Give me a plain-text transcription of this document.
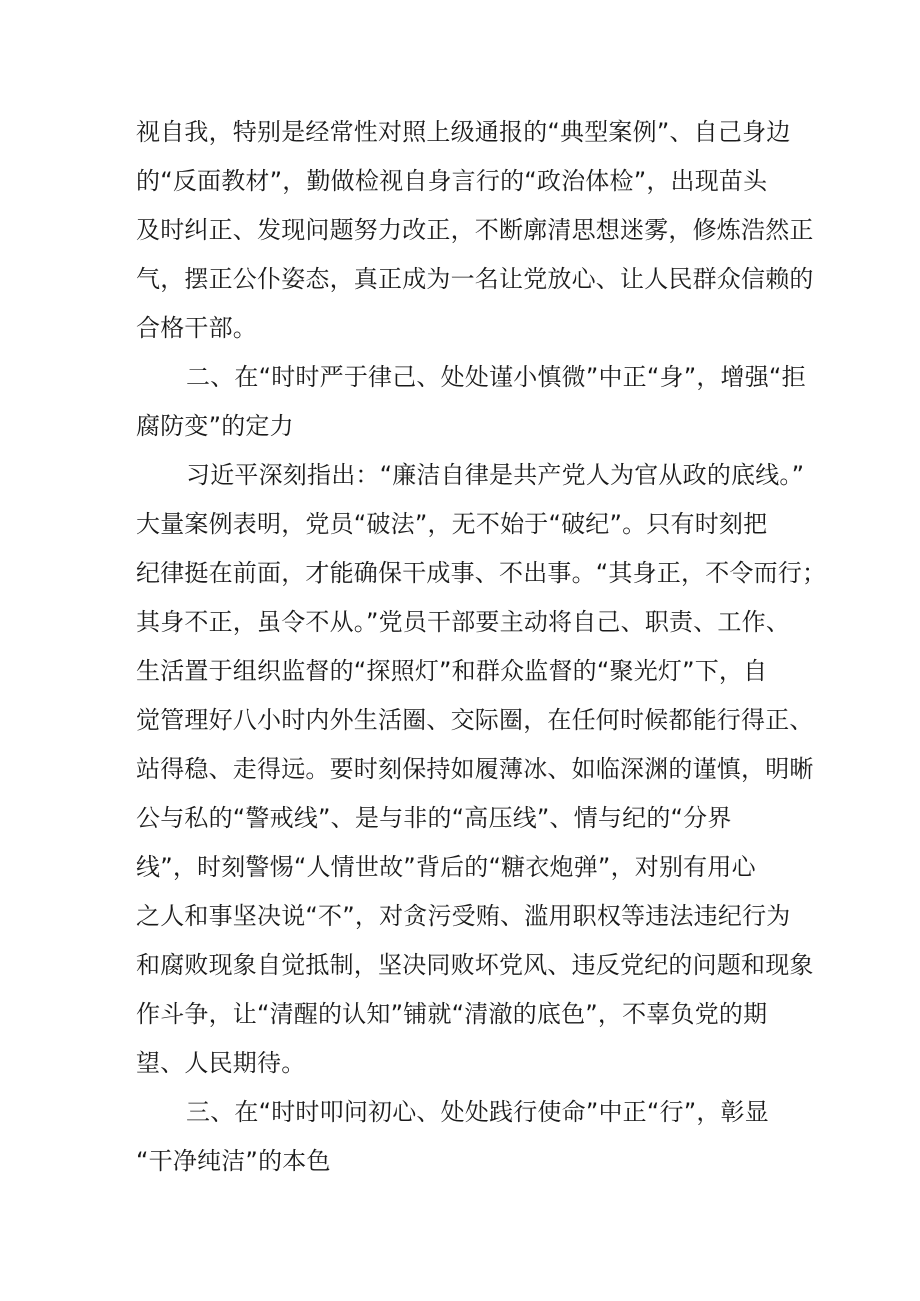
视自我，特别是经常性对照上级通报的“典型案例”、自己身边
的“反面教材”，勤做检视自身言行的“政治体检”，出现苗头
及时纠正、发现问题努力改正，不断廓清思想迷雾，修炼浩然正
气，摆正公仆姿态，真正成为一名让党放心、让人民群众信赖的
合格干部。
二、在“时时严于律己、处处谨小慎微”中正“身”，增强“拒
腐防变”的定力
习近平深刻指出：“廉洁自律是共产党人为官从政的底线。”
大量案例表明，党员“破法”，无不始于“破纪”。只有时刻把
纪律挺在前面，才能确保干成事、不出事。“其身正，不令而行；
其身不正，虽令不从。”党员干部要主动将自己、职责、工作、
生活置于组织监督的“探照灯”和群众监督的“聚光灯”下，自
觉管理好八小时内外生活圈、交际圈，在任何时候都能行得正、
站得稳、走得远。要时刻保持如履薄冰、如临深渊的谨慎，明晰
公与私的“警戒线”、是与非的“高压线”、情与纪的“分界
线”，时刻警惕“人情世故”背后的“糖衣炮弹”，对别有用心
之人和事坚决说“不”，对贪污受贿、滥用职权等违法违纪行为
和腐败现象自觉抵制，坚决同败坏党风、违反党纪的问题和现象
作斗争，让“清醒的认知”铺就“清澈的底色”，不辜负党的期
望、人民期待。
三、在“时时叩问初心、处处践行使命”中正“行”，彰显
“干净纯洁”的本色
